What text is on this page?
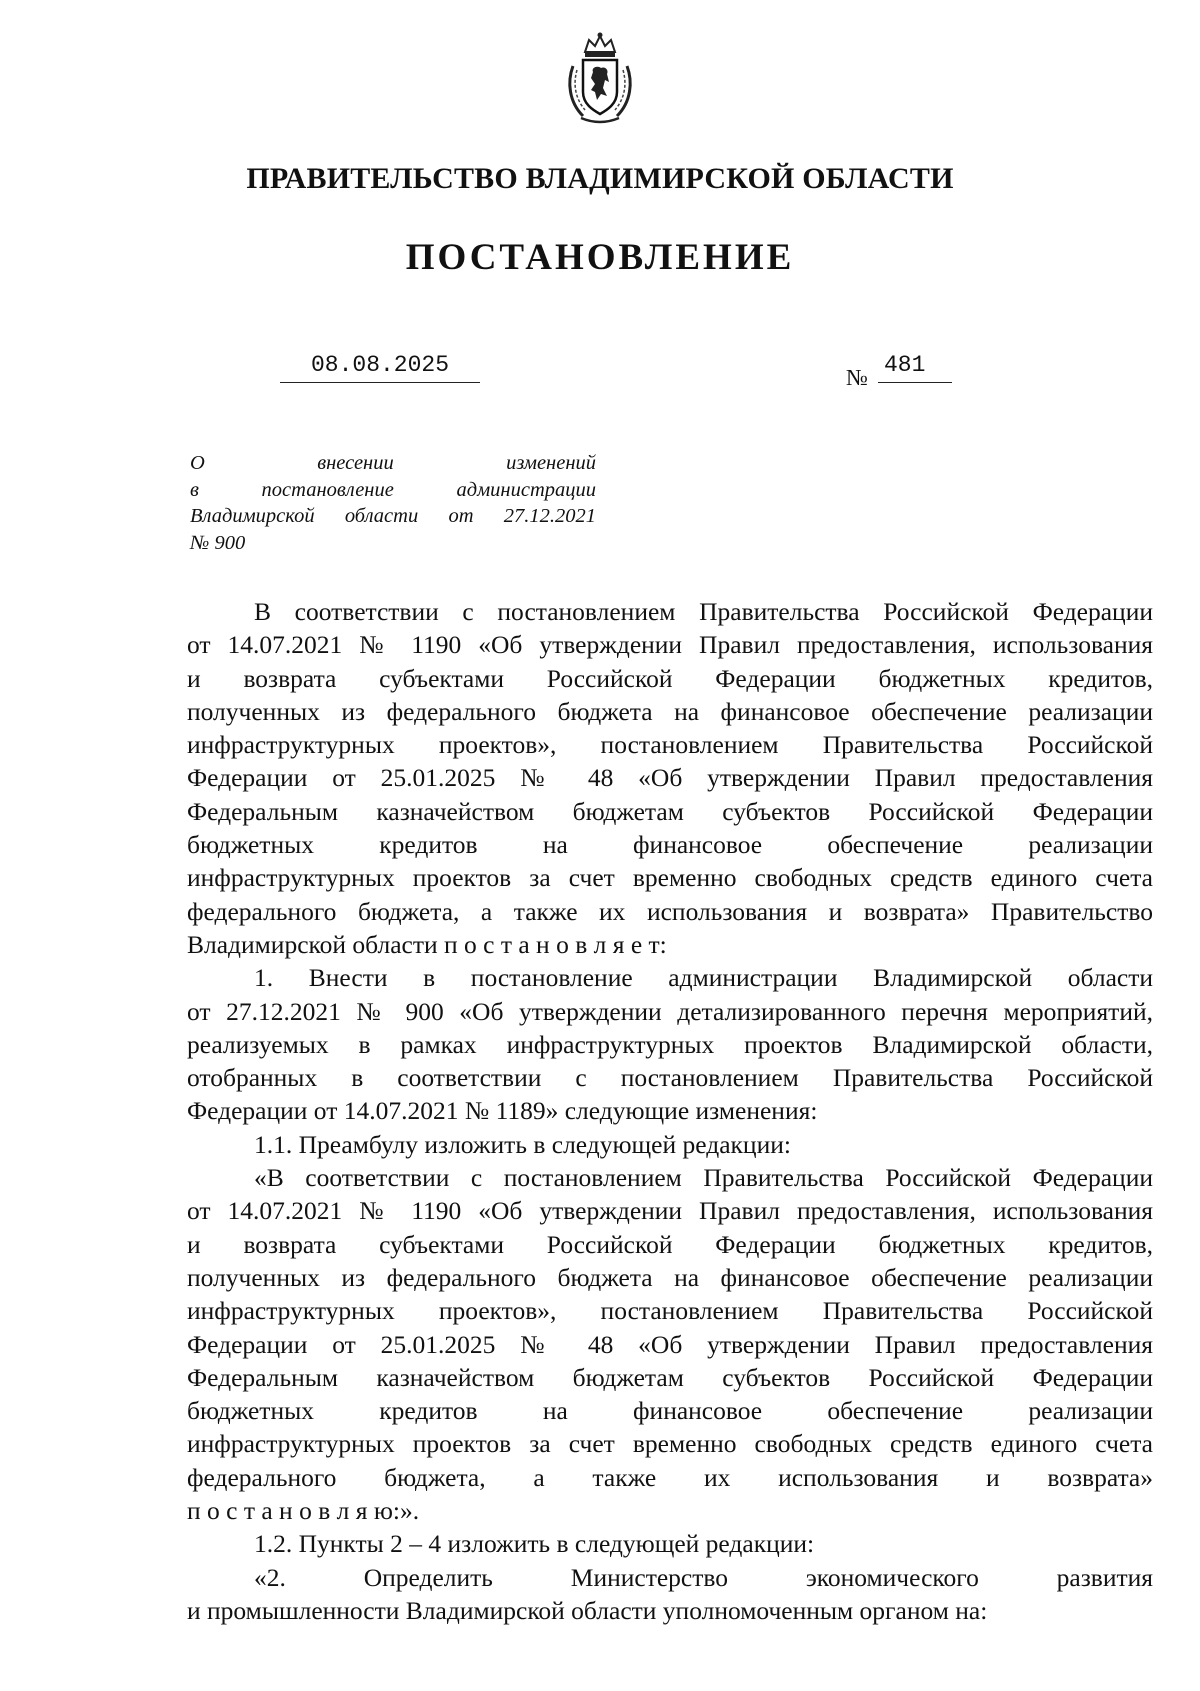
ПРАВИТЕЛЬСТВО ВЛАДИМИРСКОЙ ОБЛАСТИ
ПОСТАНОВЛЕНИЕ
08.08.2025	№ 481
О внесении изменений
в постановление администрации
Владимирской области от 27.12.2021
№ 900
В соответствии с постановлением Правительства Российской Федерации
от 14.07.2021 № 1190 «Об утверждении Правил предоставления, использования
и возврата субъектами Российской Федерации бюджетных кредитов,
полученных из федерального бюджета на финансовое обеспечение реализации
инфраструктурных проектов», постановлением Правительства Российской
Федерации от 25.01.2025 № 48 «Об утверждении Правил предоставления
Федеральным казначейством бюджетам субъектов Российской Федерации
бюджетных кредитов на финансовое обеспечение реализации
инфраструктурных проектов за счет временно свободных средств единого счета
федерального бюджета, а также их использования и возврата» Правительство
Владимирской области п о с т а н о в л я е т:
1. Внести в постановление администрации Владимирской области
от 27.12.2021 № 900 «Об утверждении детализированного перечня мероприятий,
реализуемых в рамках инфраструктурных проектов Владимирской области,
отобранных в соответствии с постановлением Правительства Российской
Федерации от 14.07.2021 № 1189» следующие изменения:
1.1. Преамбулу изложить в следующей редакции:
«В соответствии с постановлением Правительства Российской Федерации
от 14.07.2021 № 1190 «Об утверждении Правил предоставления, использования
и возврата субъектами Российской Федерации бюджетных кредитов,
полученных из федерального бюджета на финансовое обеспечение реализации
инфраструктурных проектов», постановлением Правительства Российской
Федерации от 25.01.2025 № 48 «Об утверждении Правил предоставления
Федеральным казначейством бюджетам субъектов Российской Федерации
бюджетных кредитов на финансовое обеспечение реализации
инфраструктурных проектов за счет временно свободных средств единого счета
федерального бюджета, а также их использования и возврата»
п о с т а н о в л я ю:».
1.2. Пункты 2 – 4 изложить в следующей редакции:
«2. Определить Министерство экономического развития
и промышленности Владимирской области уполномоченным органом на:
